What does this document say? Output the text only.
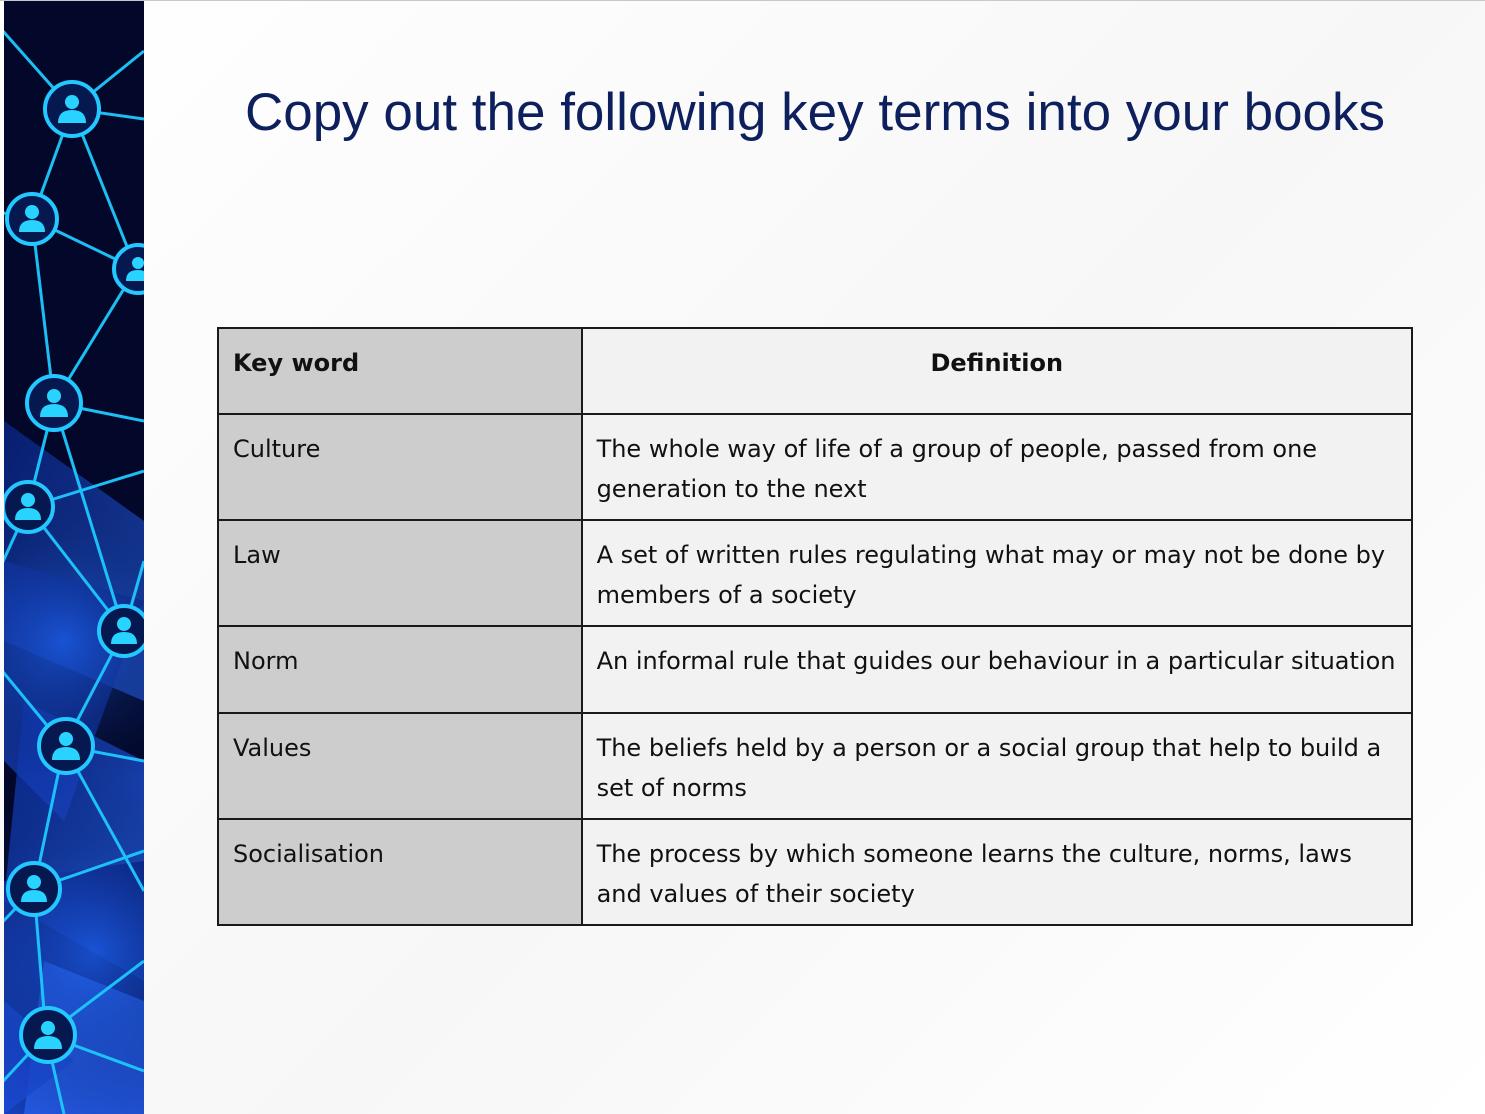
Copy out the following key terms into your books
Key word	Definition
Culture	The whole way of life of a group of people, passed from one generation to the next
Law	A set of written rules regulating what may or may not be done by members of a society
Norm	An informal rule that guides our behaviour in a particular situation
Values	The beliefs held by a person or a social group that help to build a set of norms
Socialisation	The process by which someone learns the culture, norms, laws and values of their society
